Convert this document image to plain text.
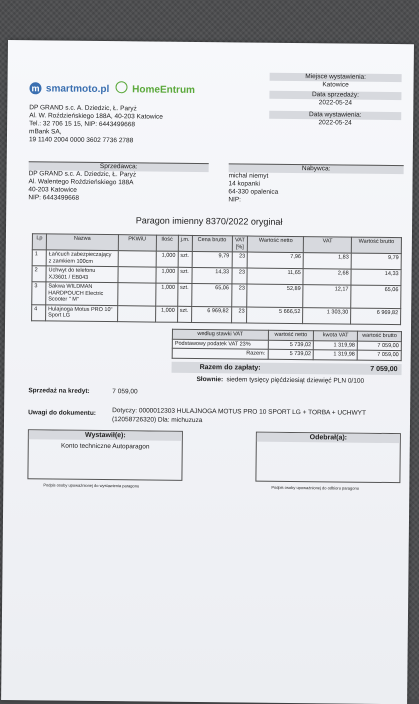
m smartmoto.pl HomeEntrum
DP GRAND s.c. A. Dziedzic, Ł. Paryż
Al. W. Roździeńskiego 188A, 40-203 Katowice
Tel.: 32 706 15 15, NIP: 6443499668
mBank SA,
19 1140 2004 0000 3602 7736 2788
Miejsce wystawienia:
Katowice
Data sprzedaży:
2022-05-24
Data wystawienia:
2022-05-24
Sprzedawca:
DP GRAND s.c. A. Dziedzic, Ł. Paryż
Al. Walentego Roździeńskiego 188A
40-203 Katowice
NIP: 6443499668
Nabywca:
michal niemyt
14 kopanki
64-330 opalenica
NIP:
Paragon imienny 8370/2022 oryginał
Lp	Nazwa	PKWiU	Ilość	j.m.	Cena brutto	VAT [%]	Wartość netto	VAT	Wartość brutto
1	Łańcuch zabezpieczający z zamkiem 100cm		1,000	szt.	9,79	23	7,96	1,83	9,79
2	Uchwyt do telefonu XJ3601 / EB043		1,000	szt.	14,33	23	11,65	2,68	14,33
3	Sakwa WILDMAN HARDPOUCH Electric Scooter " M"		1,000	szt.	65,06	23	52,89	12,17	65,06
4	Hulajnoga Motus PRO 10" Sport LG		1,000	szt.	6 969,82	23	5 666,52	1 303,30	6 969,82
według stawki VAT	wartość netto	kwota VAT	wartość brutto
Podstawowy podatek VAT 23%	5 739,02	1 319,98	7 059,00
Razem:	5 739,02	1 319,98	7 059,00
Razem do zapłaty:	7 059,00
Słownie: siedem tysięcy pięćdziesiąt dziewięć PLN 0/100
Sprzedaż na kredyt:	7 059,00
Uwagi do dokumentu: Dotyczy: 0000012303 HULAJNOGA MOTUS PRO 10 SPORT LG + TORBA + UCHWYT
(12058726320) Dla: michuzuza
Wystawił(e):
Konto techniczne Autoparagon
Podpis osoby upoważnionej do wystawienia paragonu
Odebrał(a):
Podpis osoby upoważnionej do odbioru paragonu
